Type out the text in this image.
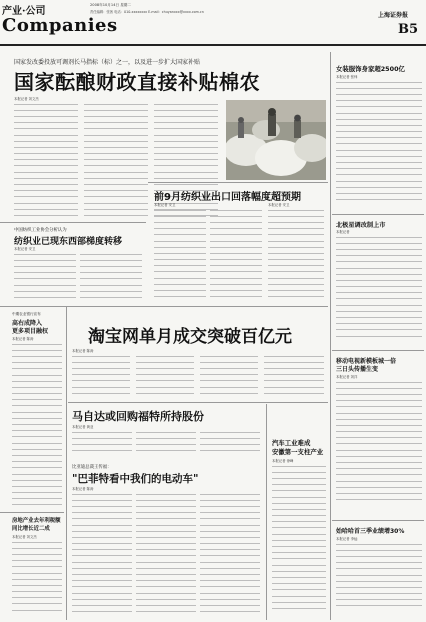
产业·公司
Companies
2008年10月14日 星期二
责任编辑：张茜 电话：010-xxxxxxxx E-mail：chuyanxxx@xxxx.com.cn	上海证券报
B5
国家发改委投放可调剂长马指标（标）之一，以及进一步扩大国家补贴
国家酝酿财政直接补贴棉农
本报记者 刘文杰
中国纺织工业协会分析认为
纺织业已现东西部梯度转移
本报记者 安卫
前9月纺织业出口回落幅度超预期
本报记者 安卫	本报记者 安卫
中期农业银行宣布
高右成降入
更多项目融权
本报记者 陈涛
房地产业去年利税额
同比增长近二成
本报记者 刘文杰
淘宝网单月成交突破百亿元
本报记者 陈涛
马自达或回购福特所持股份
本报记者 黄亚
比亚迪总裁王传福：
"巴菲特看中我们的电动车"
本报记者 陈涛
汽车工业难成
安徽第一支柱产业
本报记者 徐峰
女装服饰身家超2500亿
本报记者 张炜
北极星调改制上市
本报记者
移动电视新模板城一倍
三日头传播生变
本报记者 刘洋
始哈哈首三季业绩增30%
本报记者 李灿
